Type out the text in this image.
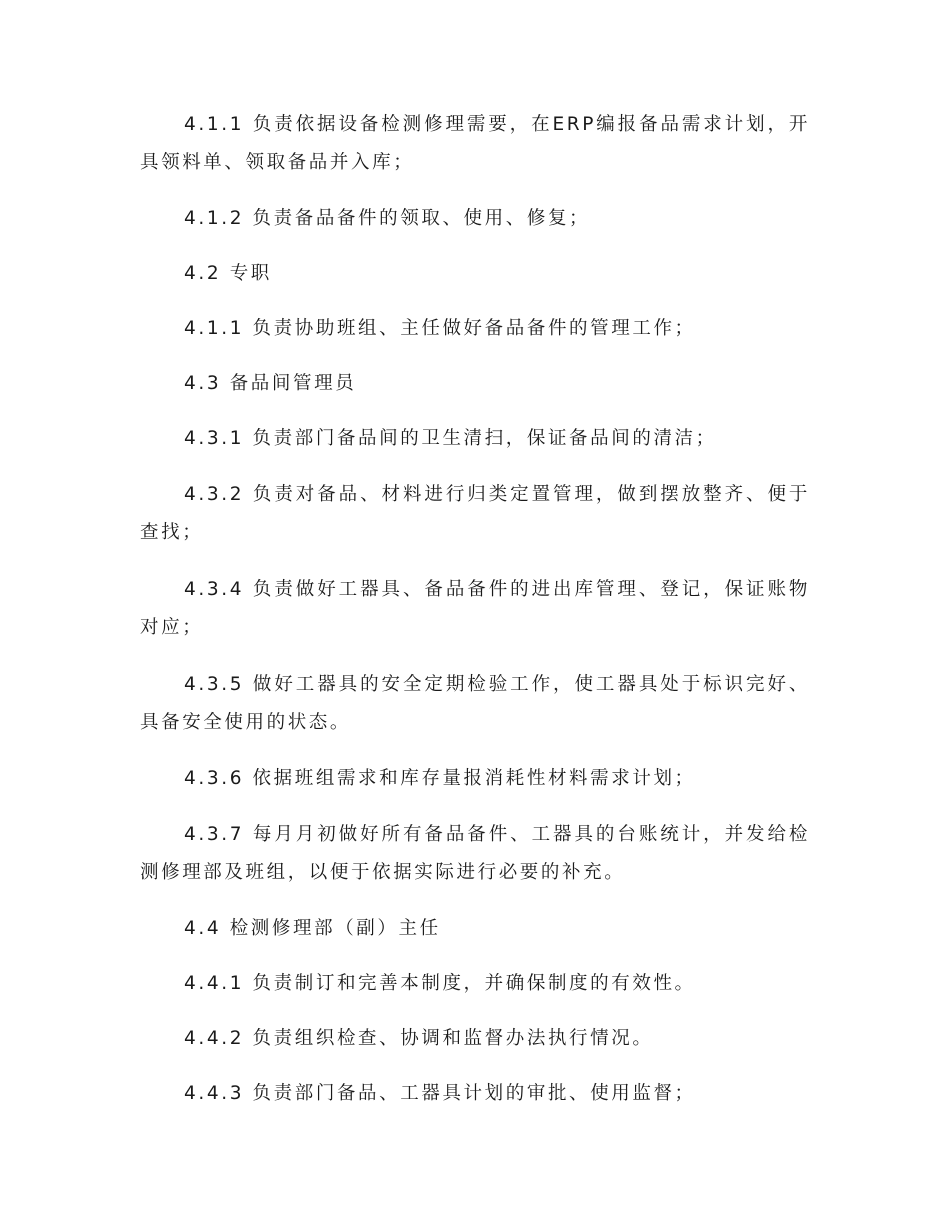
4.1.1 负责依据设备检测修理需要，在ERP编报备品需求计划，开具领料单、领取备品并入库；

4.1.2 负责备品备件的领取、使用、修复；

4.2 专职

4.1.1 负责协助班组、主任做好备品备件的管理工作；

4.3 备品间管理员

4.3.1 负责部门备品间的卫生清扫，保证备品间的清洁；

4.3.2 负责对备品、材料进行归类定置管理，做到摆放整齐、便于查找；

4.3.4 负责做好工器具、备品备件的进出库管理、登记，保证账物对应；

4.3.5 做好工器具的安全定期检验工作，使工器具处于标识完好、具备安全使用的状态。

4.3.6 依据班组需求和库存量报消耗性材料需求计划；

4.3.7 每月月初做好所有备品备件、工器具的台账统计，并发给检测修理部及班组，以便于依据实际进行必要的补充。

4.4 检测修理部（副）主任

4.4.1 负责制订和完善本制度，并确保制度的有效性。

4.4.2 负责组织检查、协调和监督办法执行情况。

4.4.3 负责部门备品、工器具计划的审批、使用监督；
